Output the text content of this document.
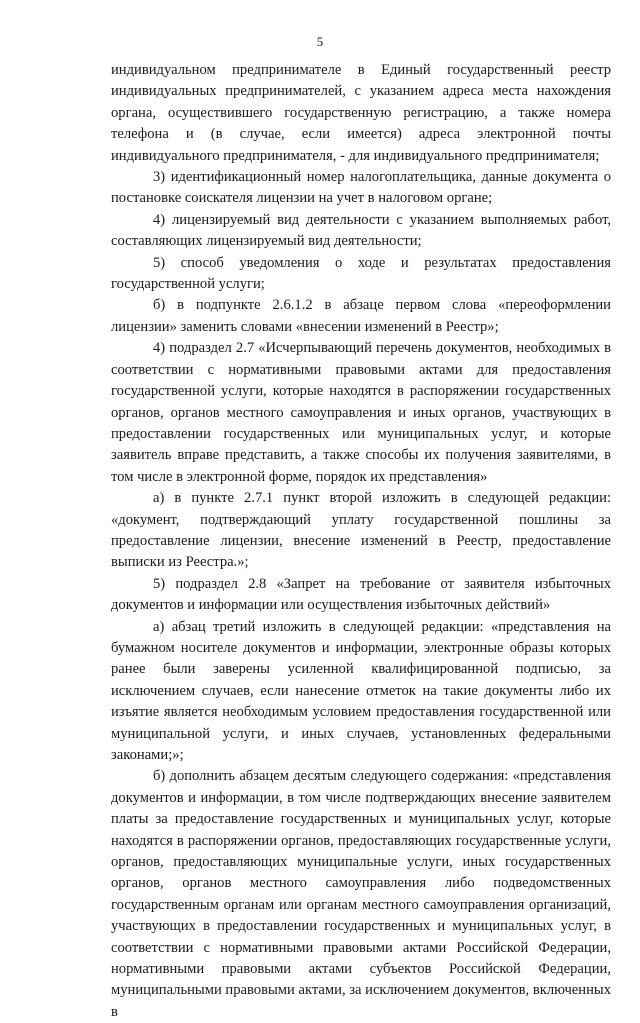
5

индивидуальном предпринимателе в Единый государственный реестр индивидуальных предпринимателей, с указанием адреса места нахождения органа, осуществившего государственную регистрацию, а также номера телефона и (в случае, если имеется) адреса электронной почты индивидуального предпринимателя, - для индивидуального предпринимателя;

3) идентификационный номер налогоплательщика, данные документа о постановке соискателя лицензии на учет в налоговом органе;

4) лицензируемый вид деятельности с указанием выполняемых работ, составляющих лицензируемый вид деятельности;

5) способ уведомления о ходе и результатах предоставления государственной услуги;

б) в подпункте 2.6.1.2 в абзаце первом слова «переоформлении лицензии» заменить словами «внесении изменений в Реестр»;

4) подраздел 2.7 «Исчерпывающий перечень документов, необходимых в соответствии с нормативными правовыми актами для предоставления государственной услуги, которые находятся в распоряжении государственных органов, органов местного самоуправления и иных органов, участвующих в предоставлении государственных или муниципальных услуг, и которые заявитель вправе представить, а также способы их получения заявителями, в том числе в электронной форме, порядок их представления»

а) в пункте 2.7.1 пункт второй изложить в следующей редакции: «документ, подтверждающий уплату государственной пошлины за предоставление лицензии, внесение изменений в Реестр, предоставление выписки из Реестра.»;

5) подраздел 2.8 «Запрет на требование от заявителя избыточных документов и информации или осуществления избыточных действий»

а) абзац третий изложить в следующей редакции: «представления на бумажном носителе документов и информации, электронные образы которых ранее были заверены усиленной квалифицированной подписью, за исключением случаев, если нанесение отметок на такие документы либо их изъятие является необходимым условием предоставления государственной или муниципальной услуги, и иных случаев, установленных федеральными законами;»;

б) дополнить абзацем десятым следующего содержания: «представления документов и информации, в том числе подтверждающих внесение заявителем платы за предоставление государственных и муниципальных услуг, которые находятся в распоряжении органов, предоставляющих государственные услуги, органов, предоставляющих муниципальные услуги, иных государственных органов, органов местного самоуправления либо подведомственных государственным органам или органам местного самоуправления организаций, участвующих в предоставлении государственных и муниципальных услуг, в соответствии с нормативными правовыми актами Российской Федерации, нормативными правовыми актами субъектов Российской Федерации, муниципальными правовыми актами, за исключением документов, включенных в
